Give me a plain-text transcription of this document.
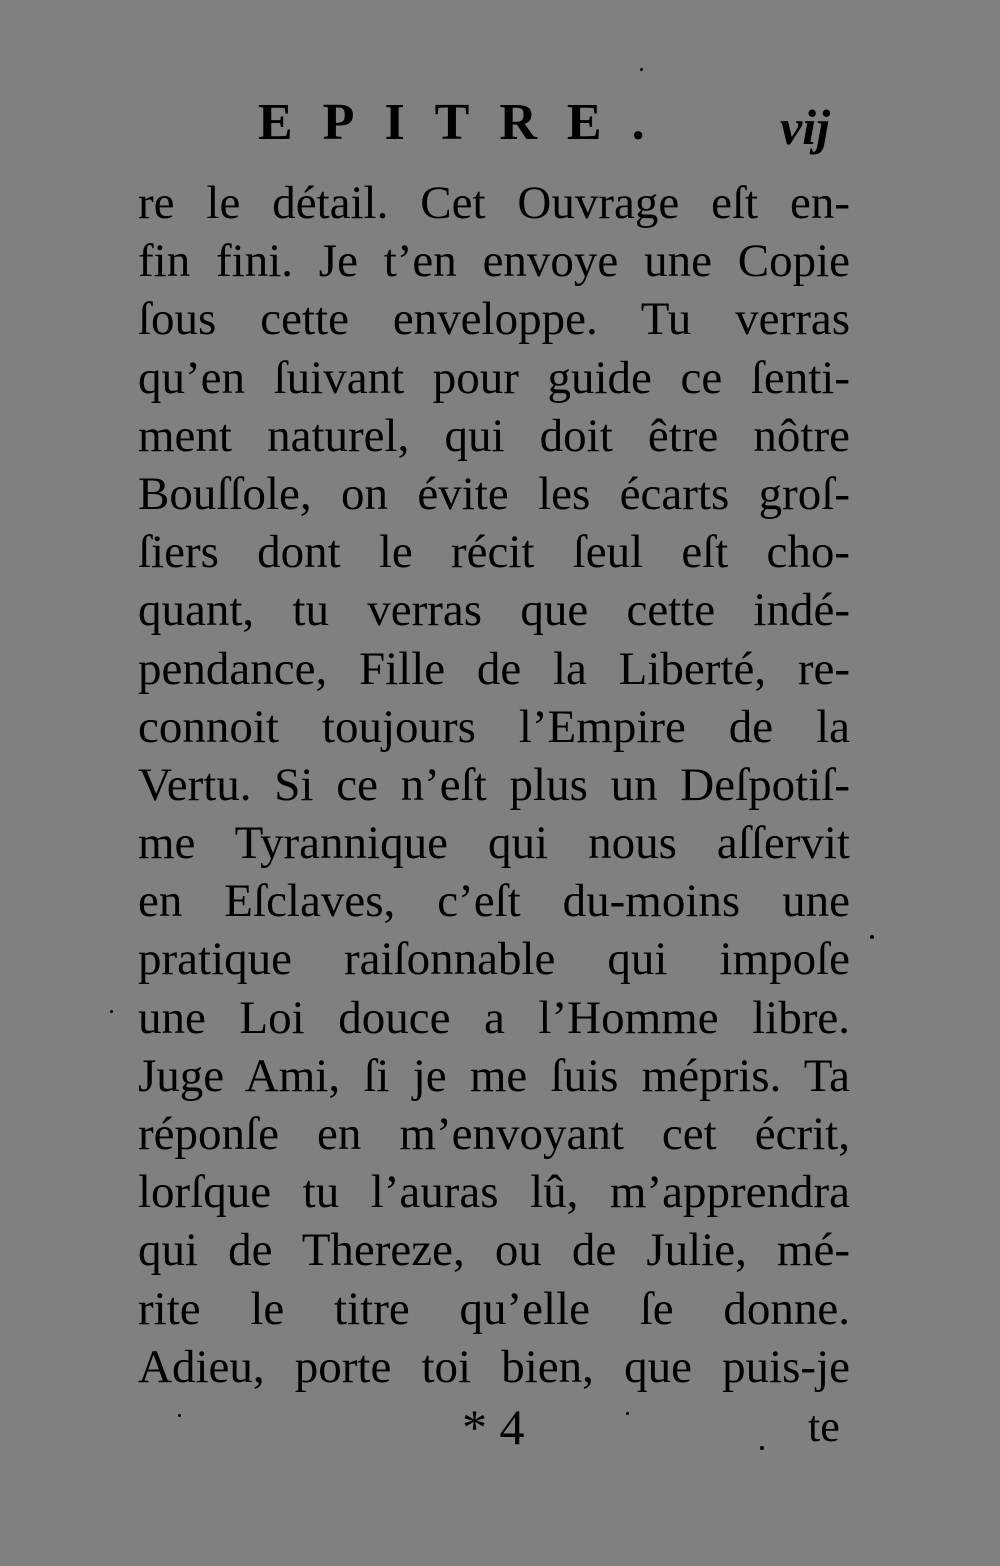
EPITRE. vij
re le détail. Cet Ouvrage eſt en-
fin fini. Je t’en envoye une Copie
ſous cette enveloppe. Tu verras
qu’en ſuivant pour guide ce ſenti-
ment naturel, qui doit être nôtre
Bouſſole, on évite les écarts groſ-
ſiers dont le récit ſeul eſt cho-
quant, tu verras que cette indé-
pendance, Fille de la Liberté, re-
connoit toujours l’Empire de la
Vertu. Si ce n’eſt plus un Deſpotiſ-
me Tyrannique qui nous aſſervit
en Eſclaves, c’eſt du-moins une
pratique raiſonnable qui impoſe
une Loi douce a l’Homme libre.
Juge Ami, ſi je me ſuis mépris. Ta
réponſe en m’envoyant cet écrit,
lorſque tu l’auras lû, m’apprendra
qui de Thereze, ou de Julie, mé-
rite le titre qu’elle ſe donne.
Adieu, porte toi bien, que puis-je
* 4	te
